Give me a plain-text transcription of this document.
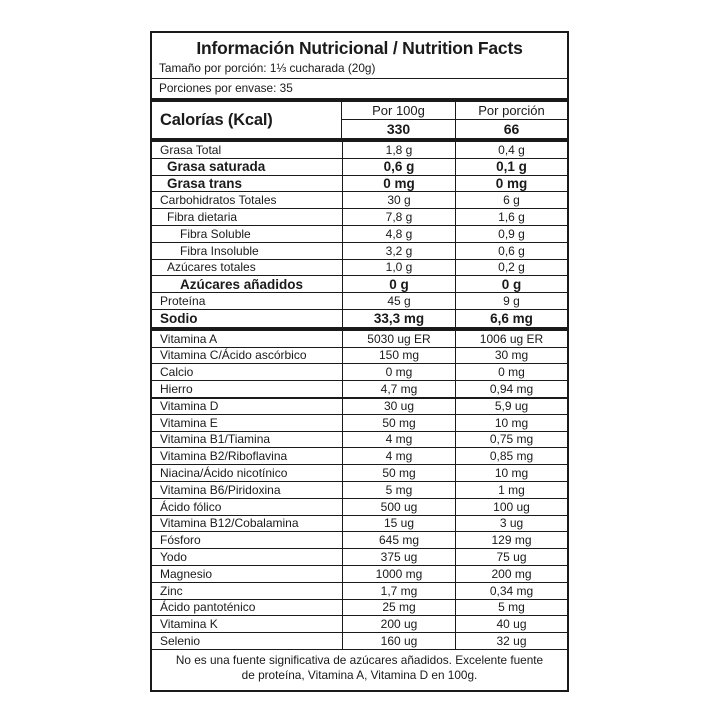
Información Nutricional / Nutrition Facts
Tamaño por porción: 1⅓ cucharada (20g)
Porciones por envase: 35
Calorías (Kcal)	Por 100g	Por porción
330	66
Grasa Total	1,8 g	0,4 g
Grasa saturada	0,6 g	0,1 g
Grasa trans	0 mg	0 mg
Carbohidratos Totales	30 g	6 g
Fibra dietaria	7,8 g	1,6 g
Fibra Soluble	4,8 g	0,9 g
Fibra Insoluble	3,2 g	0,6 g
Azúcares totales	1,0 g	0,2 g
Azúcares añadidos	0 g	0 g
Proteína	45 g	9 g
Sodio	33,3 mg	6,6 mg
Vitamina A	5030 ug ER	1006 ug ER
Vitamina C/Ácido ascórbico	150 mg	30 mg
Calcio	0 mg	0 mg
Hierro	4,7 mg	0,94 mg
Vitamina D	30 ug	5,9 ug
Vitamina E	50 mg	10 mg
Vitamina B1/Tiamina	4 mg	0,75 mg
Vitamina B2/Riboflavina	4 mg	0,85 mg
Niacina/Ácido nicotínico	50 mg	10 mg
Vitamina B6/Piridoxina	5 mg	1 mg
Ácido fólico	500 ug	100 ug
Vitamina B12/Cobalamina	15 ug	3 ug
Fósforo	645 mg	129 mg
Yodo	375 ug	75 ug
Magnesio	1000 mg	200 mg
Zinc	1,7 mg	0,34 mg
Ácido pantoténico	25 mg	5 mg
Vitamina K	200 ug	40 ug
Selenio	160 ug	32 ug
No es una fuente significativa de azúcares añadidos. Excelente fuente de proteína, Vitamina A, Vitamina D en 100g.
